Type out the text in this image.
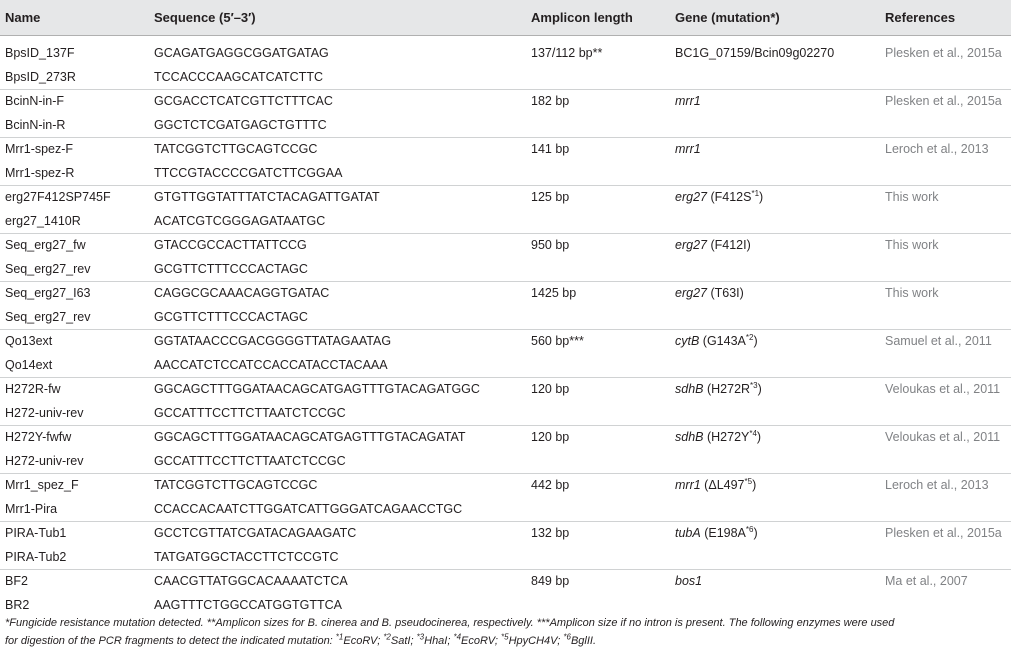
Name	Sequence (5′–3′)	Amplicon length	Gene (mutation*)	References
BpsID_137F	GCAGATGAGGCGGATGATAG	137/112 bp**	BC1G_07159/Bcin09g02270	Plesken et al., 2015a
BpsID_273R	TCCACCCAAGCATCATCTTC			
BcinN-in-F	GCGACCTCATCGTTCTTTCAC	182 bp	mrr1	Plesken et al., 2015a
BcinN-in-R	GGCTCTCGATGAGCTGTTTC			
Mrr1-spez-F	TATCGGTCTTGCAGTCCGC	141 bp	mrr1	Leroch et al., 2013
Mrr1-spez-R	TTCCGTACCCCGATCTTCGGAA			
erg27F412SP745F	GTGTTGGTATTTATCTACAGATTGATAT	125 bp	erg27 $(F412S^{*1})$	This work
erg27_1410R	ACATCGTCGGGAGATAATGC			
Seq_erg27_fw	GTACCGCCACTTATTCCG	950 bp	erg27 (F412I)	This work
Seq_erg27_rev	GCGTTCTTTCCCACTAGC			
Seq_erg27_I63	CAGGCGCAAACAGGTGATAC	1425 bp	erg27 (T63I)	This work
Seq_erg27_rev	GCGTTCTTTCCCACTAGC			
Qo13ext	GGTATAACCCGACGGGGTTATAGAATAG	560 bp***	cytB $(G143A^{*2})$	Samuel et al., 2011
Qo14ext	AACCATCTCCATCCACCATACCTACAAA			
H272R-fw	GGCAGCTTTGGATAACAGCATGAGTTTGTACAGATGGC	120 bp	sdhB $(H272R^{*3})$	Veloukas et al., 2011
H272-univ-rev	GCCATTTCCTTCTTAATCTCCGC			
H272Y-fwfw	GGCAGCTTTGGATAACAGCATGAGTTTGTACAGATAT	120 bp	sdhB $(H272Y^{*4})$	Veloukas et al., 2011
H272-univ-rev	GCCATTTCCTTCTTAATCTCCGC			
Mrr1_spez_F	TATCGGTCTTGCAGTCCGC	442 bp	mrr1 (ΔL497$^{*5}$)	Leroch et al., 2013
Mrr1-Pira	CCACCACAATCTTGGATCATTGGGATCAGAACCTGC			
PIRA-Tub1	GCCTCGTTATCGATACAGAAGATC	132 bp	tubA $(E198A^{*6})$	Plesken et al., 2015a
PIRA-Tub2	TATGATGGCTACCTTCTCCGTC			
BF2	CAACGTTATGGCACAAAATCTCA	849 bp	bos1	Ma et al., 2007
BR2	AAGTTTCTGGCCATGGTGTTCA			
*Fungicide resistance mutation detected. **Amplicon sizes for B. cinerea and B. pseudocinerea, respectively. ***Amplicon size if no intron is present. The following enzymes were used
for digestion of the PCR fragments to detect the indicated mutation: $^{*1}$EcoRV; $^{*2}$SatI; $^{*3}$HhaI; $^{*4}$EcoRV; $^{*5}$HpyCH4V; $^{*6}$BglII.
